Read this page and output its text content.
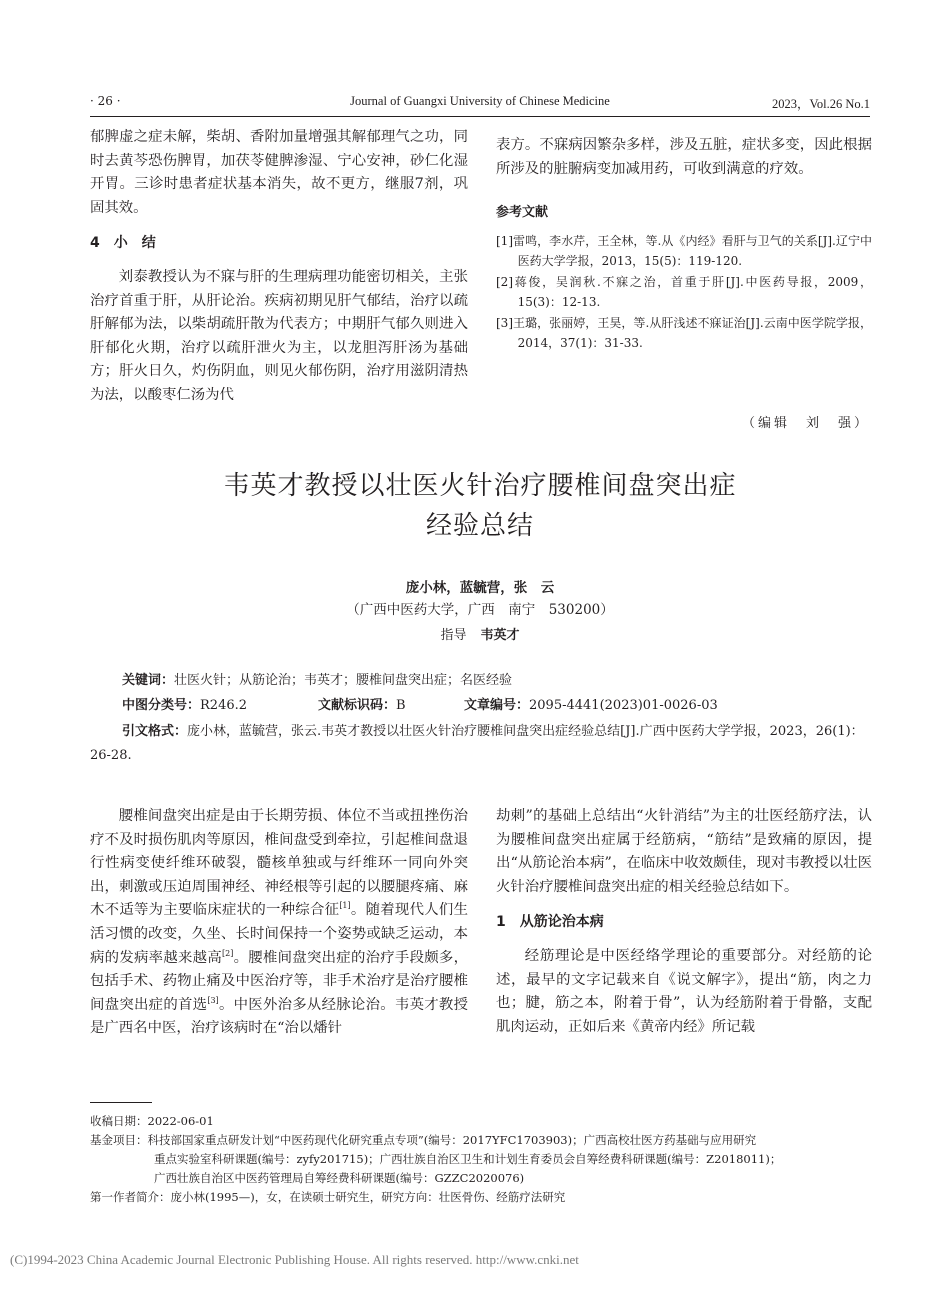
· 26 ·	Journal of Guangxi University of Chinese Medicine	2023，Vol.26 No.1

郁脾虚之症未解，柴胡、香附加量增强其解郁理气之功，同时去黄芩恐伤脾胃，加茯苓健脾渗湿、宁心安神，砂仁化湿开胃。三诊时患者症状基本消失，故不更方，继服7剂，巩固其效。

4　小　结

刘泰教授认为不寐与肝的生理病理功能密切相关，主张治疗首重于肝，从肝论治。疾病初期见肝气郁结，治疗以疏肝解郁为法，以柴胡疏肝散为代表方；中期肝气郁久则进入肝郁化火期，治疗以疏肝泄火为主，以龙胆泻肝汤为基础方；肝火日久，灼伤阴血，则见火郁伤阴，治疗用滋阴清热为法，以酸枣仁汤为代

表方。不寐病因繁杂多样，涉及五脏，症状多变，因此根据所涉及的脏腑病变加减用药，可收到满意的疗效。

参考文献

[1]雷鸣，李水芹，王全林，等.从《内经》看肝与卫气的关系[J].辽宁中医药大学学报，2013，15(5)：119-120.

[2]蒋俊，吴润秋.不寐之治，首重于肝[J].中医药导报，2009，15(3)：12-13.

[3]王璐，张丽婷，王昊，等.从肝浅述不寐证治[J].云南中医学院学报，2014，37(1)：31-33.

（编辑　刘　强）
韦英才教授以壮医火针治疗腰椎间盘突出症
经验总结
庞小林，蓝毓营，张　云
（广西中医药大学，广西　南宁　530200）
指导 韦英才
关键词：壮医火针；从筋论治；韦英才；腰椎间盘突出症；名医经验
中图分类号：R246.2	文献标识码：B	文章编号：2095-4441(2023)01-0026-03
引文格式：庞小林，蓝毓营，张云.韦英才教授以壮医火针治疗腰椎间盘突出症经验总结[J].广西中医药大学学报，2023，26(1)：26-28.

腰椎间盘突出症是由于长期劳损、体位不当或扭挫伤治疗不及时损伤肌肉等原因，椎间盘受到牵拉，引起椎间盘退行性病变使纤维环破裂，髓核单独或与纤维环一同向外突出，刺激或压迫周围神经、神经根等引起的以腰腿疼痛、麻木不适等为主要临床症状的一种综合征[1]。随着现代人们生活习惯的改变，久坐、长时间保持一个姿势或缺乏运动，本病的发病率越来越高[2]。腰椎间盘突出症的治疗手段颇多，包括手术、药物止痛及中医治疗等，非手术治疗是治疗腰椎间盘突出症的首选[3]。中医外治多从经脉论治。韦英才教授是广西名中医，治疗该病时在“治以燔针

劫刺”的基础上总结出“火针消结”为主的壮医经筋疗法，认为腰椎间盘突出症属于经筋病，“筋结”是致痛的原因，提出“从筋论治本病”，在临床中收效颇佳，现对韦教授以壮医火针治疗腰椎间盘突出症的相关经验总结如下。

1　从筋论治本病

经筋理论是中医经络学理论的重要部分。对经筋的论述，最早的文字记载来自《说文解字》，提出“筋，肉之力也；腱，筋之本，附着于骨”，认为经筋附着于骨骼，支配肌肉运动，正如后来《黄帝内经》所记载

收稿日期：2022-06-01
基金项目：科技部国家重点研发计划“中医药现代化研究重点专项”(编号：2017YFC1703903)；广西高校壮医方药基础与应用研究
重点实验室科研课题(编号：zyfy201715)；广西壮族自治区卫生和计划生育委员会自筹经费科研课题(编号：Z2018011)；
广西壮族自治区中医药管理局自筹经费科研课题(编号：GZZC2020076)
第一作者简介：庞小林(1995—)，女，在读硕士研究生，研究方向：壮医骨伤、经筋疗法研究
(C)1994-2023 China Academic Journal Electronic Publishing House. All rights reserved. http://www.cnki.net
